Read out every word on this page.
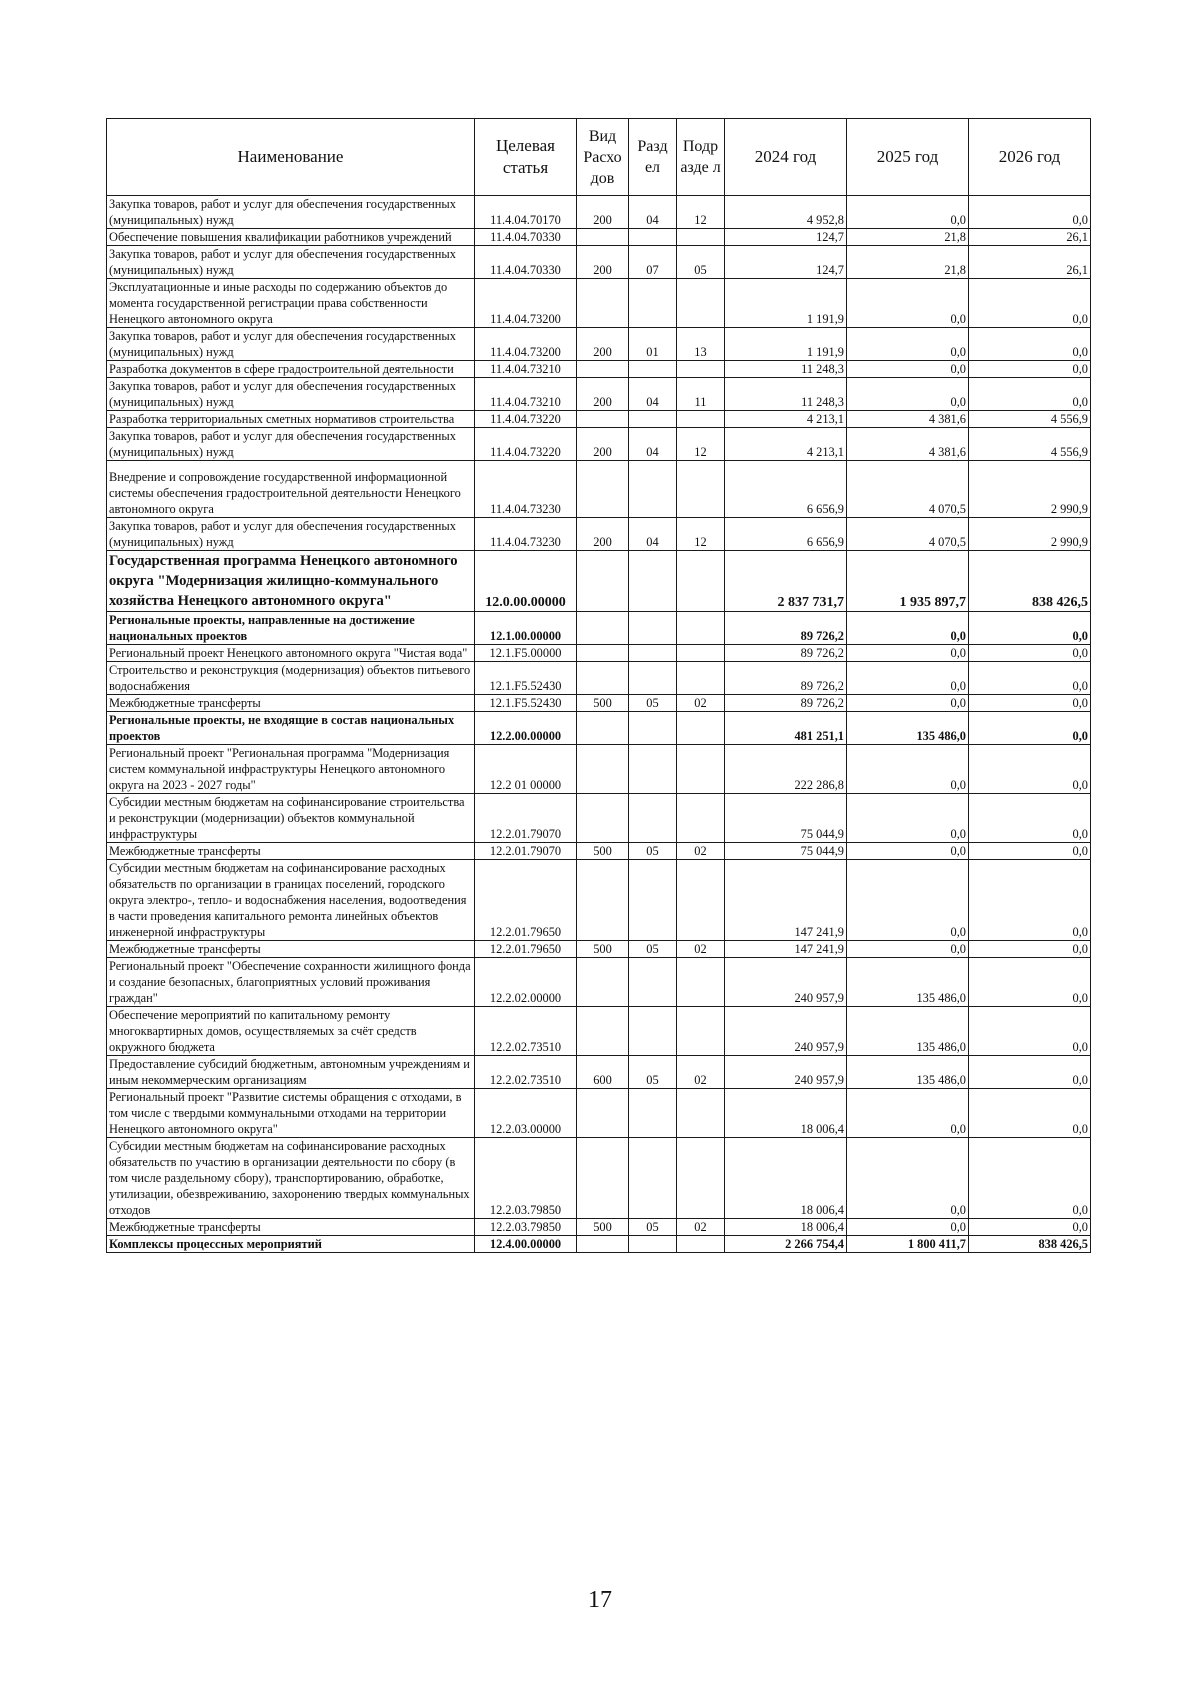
Наименование	Целевая статья	Вид Расхо дов	Разд ел	Подр азде л	2024 год	2025 год	2026 год
Закупка товаров, работ и услуг для обеспечения государственных (муниципальных) нужд	11.4.04.70170	200	04	12	4 952,8	0,0	0,0
Обеспечение повышения квалификации работников учреждений	11.4.04.70330				124,7	21,8	26,1
Закупка товаров, работ и услуг для обеспечения государственных (муниципальных) нужд	11.4.04.70330	200	07	05	124,7	21,8	26,1
Эксплуатационные и иные расходы по содержанию объектов до момента государственной регистрации права собственности Ненецкого автономного округа	11.4.04.73200				1 191,9	0,0	0,0
Закупка товаров, работ и услуг для обеспечения государственных (муниципальных) нужд	11.4.04.73200	200	01	13	1 191,9	0,0	0,0
Разработка документов в сфере градостроительной деятельности	11.4.04.73210				11 248,3	0,0	0,0
Закупка товаров, работ и услуг для обеспечения государственных (муниципальных) нужд	11.4.04.73210	200	04	11	11 248,3	0,0	0,0
Разработка территориальных сметных нормативов строительства	11.4.04.73220				4 213,1	4 381,6	4 556,9
Закупка товаров, работ и услуг для обеспечения государственных (муниципальных) нужд	11.4.04.73220	200	04	12	4 213,1	4 381,6	4 556,9
Внедрение и сопровождение государственной информационной системы обеспечения градостроительной деятельности Ненецкого автономного округа	11.4.04.73230				6 656,9	4 070,5	2 990,9
Закупка товаров, работ и услуг для обеспечения государственных (муниципальных) нужд	11.4.04.73230	200	04	12	6 656,9	4 070,5	2 990,9
Государственная программа Ненецкого автономного округа "Модернизация жилищно-коммунального хозяйства Ненецкого автономного округа"	12.0.00.00000				2 837 731,7	1 935 897,7	838 426,5
Региональные проекты, направленные на достижение национальных проектов	12.1.00.00000				89 726,2	0,0	0,0
Региональный проект Ненецкого автономного округа "Чистая вода"	12.1.F5.00000				89 726,2	0,0	0,0
Строительство и реконструкция (модернизация) объектов питьевого водоснабжения	12.1.F5.52430				89 726,2	0,0	0,0
Межбюджетные трансферты	12.1.F5.52430	500	05	02	89 726,2	0,0	0,0
Региональные проекты, не входящие в состав национальных проектов	12.2.00.00000				481 251,1	135 486,0	0,0
Региональный проект "Региональная программа "Модернизация систем коммунальной инфраструктуры Ненецкого автономного округа на 2023 - 2027 годы"	12.2 01 00000				222 286,8	0,0	0,0
Субсидии местным бюджетам на софинансирование строительства и реконструкции (модернизации) объектов коммунальной инфраструктуры	12.2.01.79070				75 044,9	0,0	0,0
Межбюджетные трансферты	12.2.01.79070	500	05	02	75 044,9	0,0	0,0
Субсидии местным бюджетам на софинансирование расходных обязательств по организации в границах поселений, городского округа электро-, тепло- и водоснабжения населения, водоотведения в части проведения капитального ремонта линейных объектов инженерной инфраструктуры	12.2.01.79650				147 241,9	0,0	0,0
Межбюджетные трансферты	12.2.01.79650	500	05	02	147 241,9	0,0	0,0
Региональный проект "Обеспечение сохранности жилищного фонда и создание безопасных, благоприятных условий проживания граждан"	12.2.02.00000				240 957,9	135 486,0	0,0
Обеспечение мероприятий по капитальному ремонту многоквартирных домов, осуществляемых за счёт средств окружного бюджета	12.2.02.73510				240 957,9	135 486,0	0,0
Предоставление субсидий бюджетным, автономным учреждениям и иным некоммерческим организациям	12.2.02.73510	600	05	02	240 957,9	135 486,0	0,0
Региональный проект "Развитие системы обращения с отходами, в том числе с твердыми коммунальными отходами на территории Ненецкого автономного округа"	12.2.03.00000				18 006,4	0,0	0,0
Субсидии местным бюджетам на софинансирование расходных обязательств по участию в организации деятельности по сбору (в том числе раздельному сбору), транспортированию, обработке, утилизации, обезвреживанию, захоронению твердых коммунальных отходов	12.2.03.79850				18 006,4	0,0	0,0
Межбюджетные трансферты	12.2.03.79850	500	05	02	18 006,4	0,0	0,0
Комплексы процессных мероприятий	12.4.00.00000				2 266 754,4	1 800 411,7	838 426,5
17
